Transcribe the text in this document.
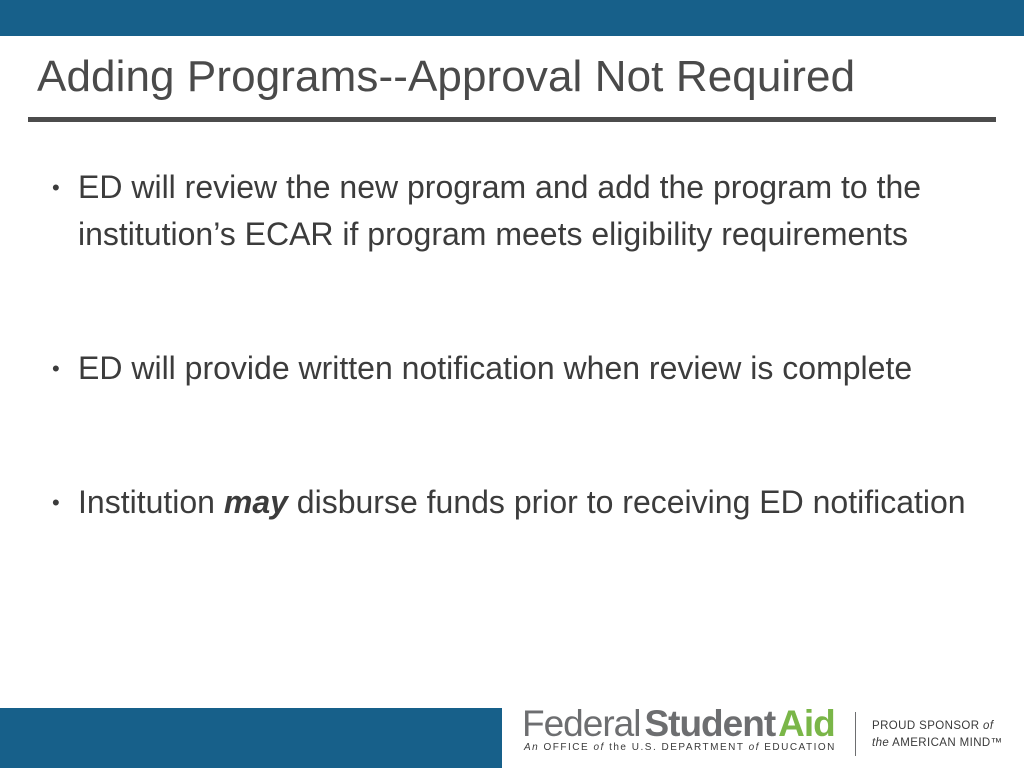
Adding Programs--Approval Not Required
• ED will review the new program and add the program to the institution’s ECAR if program meets eligibility requirements
• ED will provide written notification when review is complete
• Institution may disburse funds prior to receiving ED notification
Federal StudentAid
An OFFICE of the U.S. DEPARTMENT of EDUCATION
PROUD SPONSOR of
the AMERICAN MIND™
